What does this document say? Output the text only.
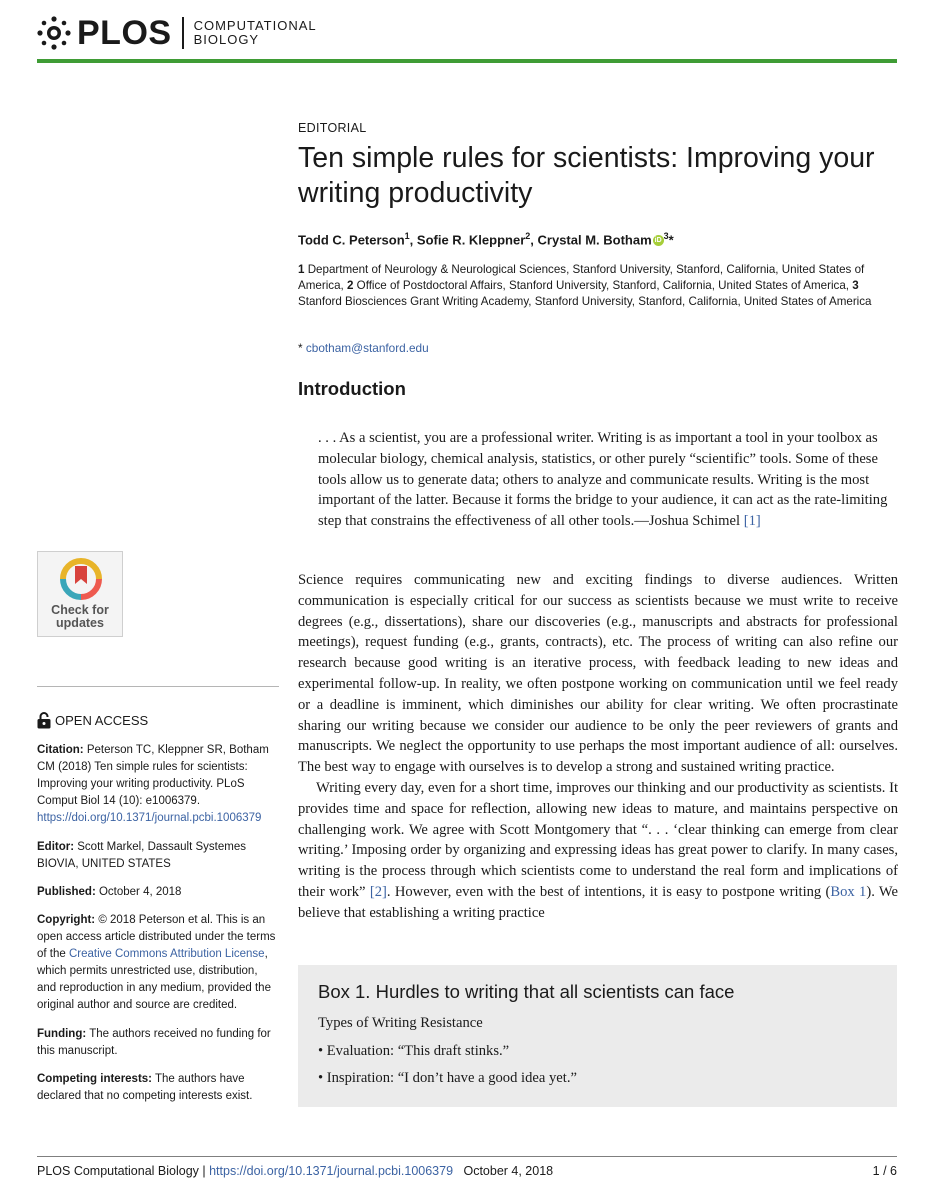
PLOS COMPUTATIONAL
BIOLOGY
Check for
updates
OPEN ACCESS
Citation: Peterson TC, Kleppner SR, Botham CM (2018) Ten simple rules for scientists: Improving your writing productivity. PLoS Comput Biol 14 (10): e1006379. https://doi.org/10.1371/journal.pcbi.1006379
Editor: Scott Markel, Dassault Systemes BIOVIA, UNITED STATES
Published: October 4, 2018
Copyright: © 2018 Peterson et al. This is an open access article distributed under the terms of the Creative Commons Attribution License, which permits unrestricted use, distribution, and reproduction in any medium, provided the original author and source are credited.
Funding: The authors received no funding for this manuscript.
Competing interests: The authors have declared that no competing interests exist.
EDITORIAL
Ten simple rules for scientists: Improving your writing productivity
Todd C. Peterson$^1$, Sofie R. Kleppner$^2$, Crystal M. Botham iD $^3$*
1 Department of Neurology & Neurological Sciences, Stanford University, Stanford, California, United States of America, 2 Office of Postdoctoral Affairs, Stanford University, Stanford, California, United States of America, 3 Stanford Biosciences Grant Writing Academy, Stanford University, Stanford, California, United States of America
* cbotham@stanford.edu
Introduction
. . . As a scientist, you are a professional writer. Writing is as important a tool in your toolbox as molecular biology, chemical analysis, statistics, or other purely “scientific” tools. Some of these tools allow us to generate data; others to analyze and communicate results. Writing is the most important of the latter. Because it forms the bridge to your audience, it can act as the rate-limiting step that constrains the effectiveness of all other tools.—Joshua Schimel [1]

Science requires communicating new and exciting findings to diverse audiences. Written communication is especially critical for our success as scientists because we must write to receive degrees (e.g., dissertations), share our discoveries (e.g., manuscripts and abstracts for professional meetings), request funding (e.g., grants, contracts), etc. The process of writing can also refine our research because good writing is an iterative process, with feedback leading to new ideas and experimental follow-up. In reality, we often postpone working on communication until we feel ready or a deadline is imminent, which diminishes our ability for clear writing. We often procrastinate sharing our writing because we consider our audience to be only the peer reviewers of grants and manuscripts. We neglect the opportunity to use perhaps the most important audience of all: ourselves. The best way to engage with ourselves is to develop a strong and sustained writing practice.

Writing every day, even for a short time, improves our thinking and our productivity as scientists. It provides time and space for reflection, allowing new ideas to mature, and maintains perspective on challenging work. We agree with Scott Montgomery that “. . . ‘clear thinking can emerge from clear writing.’ Imposing order by organizing and expressing ideas has great power to clarify. In many cases, writing is the process through which scientists come to understand the real form and implications of their work” [2]. However, even with the best of intentions, it is easy to postpone writing (Box 1). We believe that establishing a writing practice

Box 1. Hurdles to writing that all scientists can face
Types of Writing Resistance
• Evaluation: “This draft stinks.”
• Inspiration: “I don’t have a good idea yet.”
PLOS Computational Biology | https://doi.org/10.1371/journal.pcbi.1006379 October 4, 2018	1 / 6
